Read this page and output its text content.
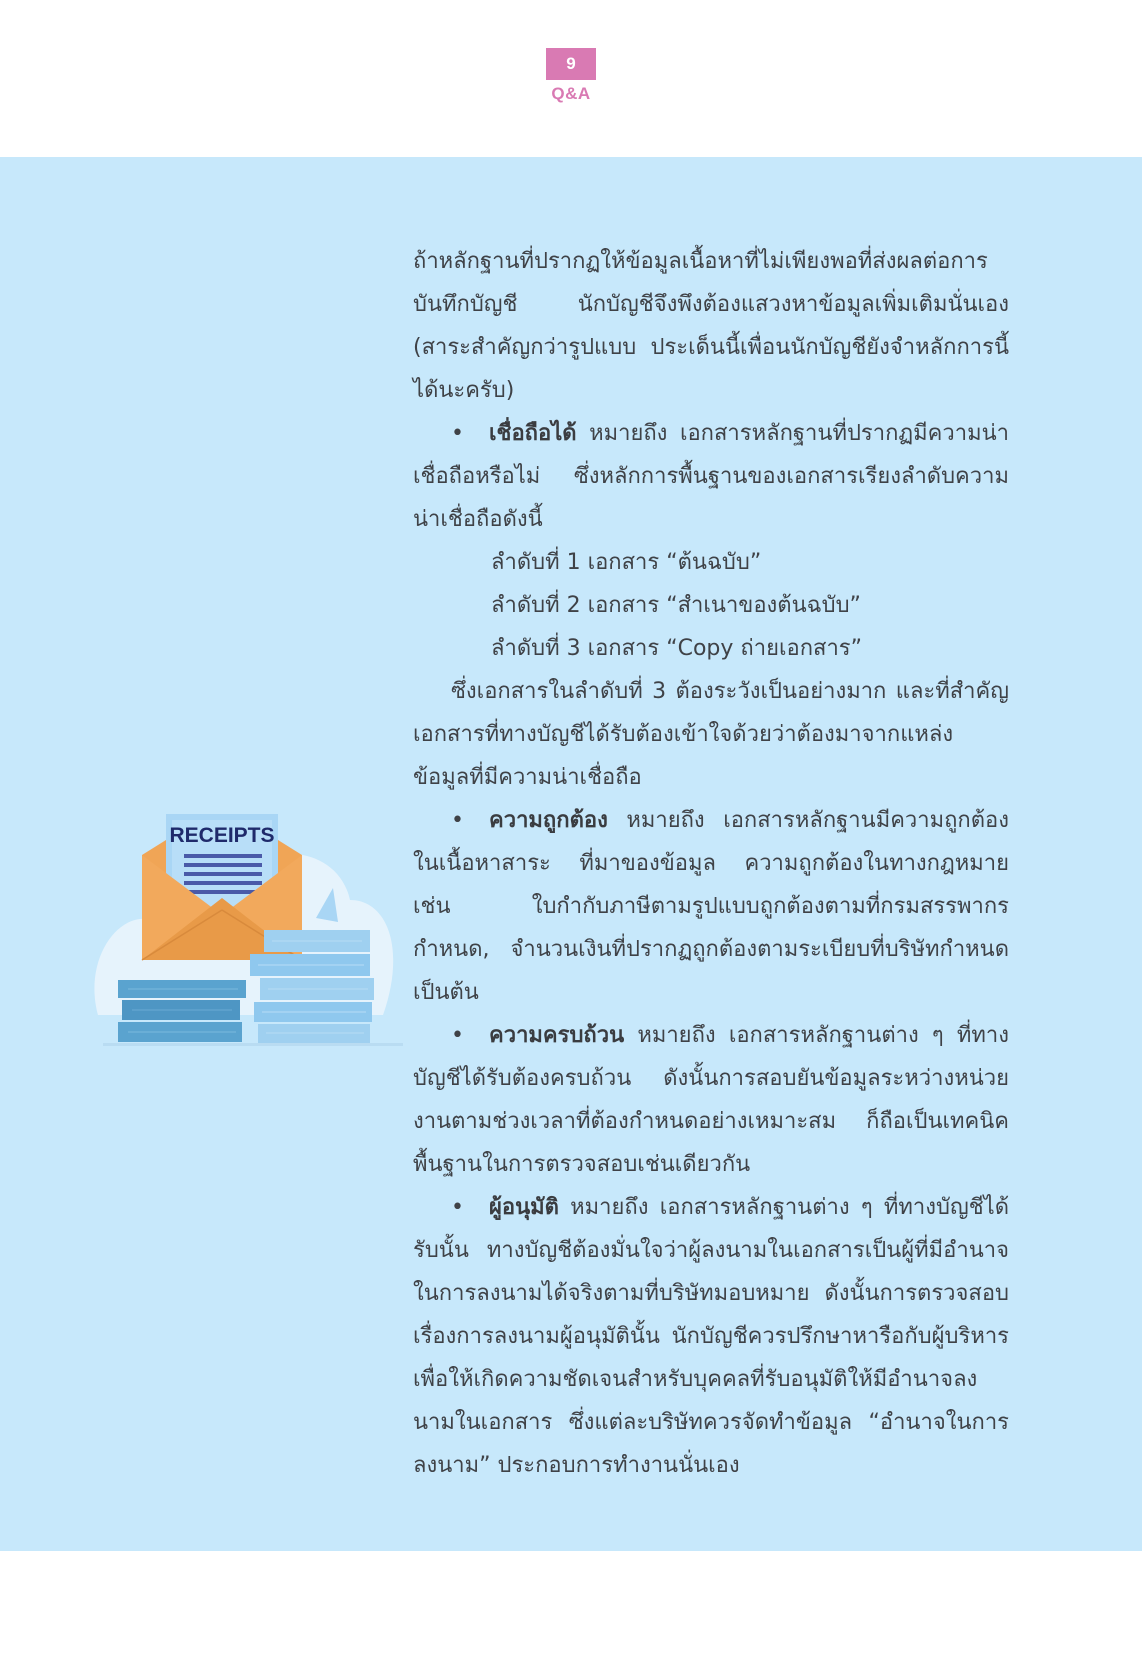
9
Q&A
RECEIPTS

ถ้าหลักฐานที่ปรากฏให้ข้อมูลเนื้อหาที่ไม่เพียงพอที่ส่งผลต่อการบันทึกบัญชี นักบัญชีจึงพึงต้องแสวงหาข้อมูลเพิ่มเติมนั่นเอง (สาระสำคัญกว่ารูปแบบ ประเด็นนี้เพื่อนนักบัญชียังจำหลักการนี้ได้นะครับ)

• เชื่อถือได้ หมายถึง เอกสารหลักฐานที่ปรากฏมีความน่าเชื่อถือหรือไม่ ซึ่งหลักการพื้นฐานของเอกสารเรียงลำดับความน่าเชื่อถือดังนี้

ลำดับที่ 1 เอกสาร “ต้นฉบับ”

ลำดับที่ 2 เอกสาร “สำเนาของต้นฉบับ”

ลำดับที่ 3 เอกสาร “Copy ถ่ายเอกสาร”

ซึ่งเอกสารในลำดับที่ 3 ต้องระวังเป็นอย่างมาก และที่สำคัญเอกสารที่ทางบัญชีได้รับต้องเข้าใจด้วยว่าต้องมาจากแหล่งข้อมูลที่มีความน่าเชื่อถือ

• ความถูกต้อง หมายถึง เอกสารหลักฐานมีความถูกต้องในเนื้อหาสาระ ที่มาของข้อมูล ความถูกต้องในทางกฎหมาย เช่น ใบกำกับภาษีตามรูปแบบถูกต้องตามที่กรมสรรพากรกำหนด, จำนวนเงินที่ปรากฏถูกต้องตามระเบียบที่บริษัทกำหนด เป็นต้น

• ความครบถ้วน หมายถึง เอกสารหลักฐานต่าง ๆ ที่ทางบัญชีได้รับต้องครบถ้วน ดังนั้นการสอบยันข้อมูลระหว่างหน่วยงานตามช่วงเวลาที่ต้องกำหนดอย่างเหมาะสม ก็ถือเป็นเทคนิคพื้นฐานในการตรวจสอบเช่นเดียวกัน

• ผู้อนุมัติ หมายถึง เอกสารหลักฐานต่าง ๆ ที่ทางบัญชีได้รับนั้น ทางบัญชีต้องมั่นใจว่าผู้ลงนามในเอกสารเป็นผู้ที่มีอำนาจในการลงนามได้จริงตามที่บริษัทมอบหมาย ดังนั้นการตรวจสอบเรื่องการลงนามผู้อนุมัตินั้น นักบัญชีควรปรึกษาหารือกับผู้บริหารเพื่อให้เกิดความชัดเจนสำหรับบุคคลที่รับอนุมัติให้มีอำนาจลงนามในเอกสาร ซึ่งแต่ละบริษัทควรจัดทำข้อมูล “อำนาจในการลงนาม” ประกอบการทำงานนั่นเอง
